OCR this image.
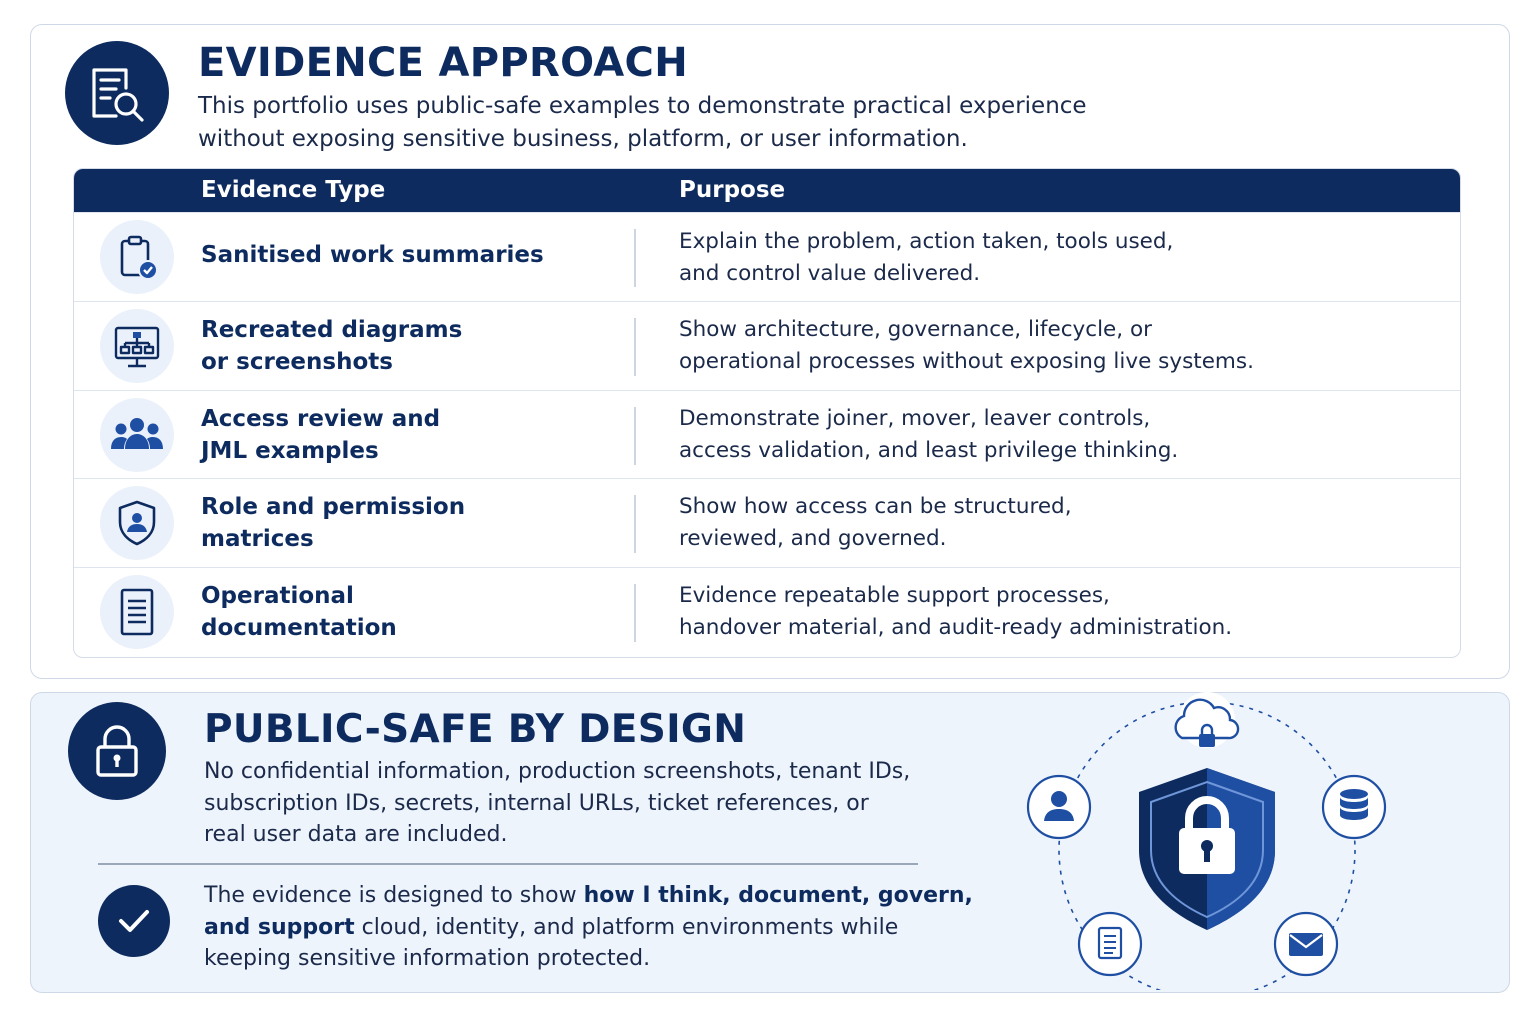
EVIDENCE APPROACH
This portfolio uses public-safe examples to demonstrate practical experience
without exposing sensitive business, platform, or user information.
Evidence Type	Purpose
Sanitised work summaries
Explain the problem, action taken, tools used,
and control value delivered.
Recreated diagrams
or screenshots
Show architecture, governance, lifecycle, or
operational processes without exposing live systems.
Access review and
JML examples
Demonstrate joiner, mover, leaver controls,
access validation, and least privilege thinking.
Role and permission
matrices
Show how access can be structured,
reviewed, and governed.
Operational
documentation
Evidence repeatable support processes,
handover material, and audit-ready administration.
PUBLIC-SAFE BY DESIGN
No confidential information, production screenshots, tenant IDs,
subscription IDs, secrets, internal URLs, ticket references, or
real user data are included.
The evidence is designed to show how I think, document, govern,
and support cloud, identity, and platform environments while
keeping sensitive information protected.
